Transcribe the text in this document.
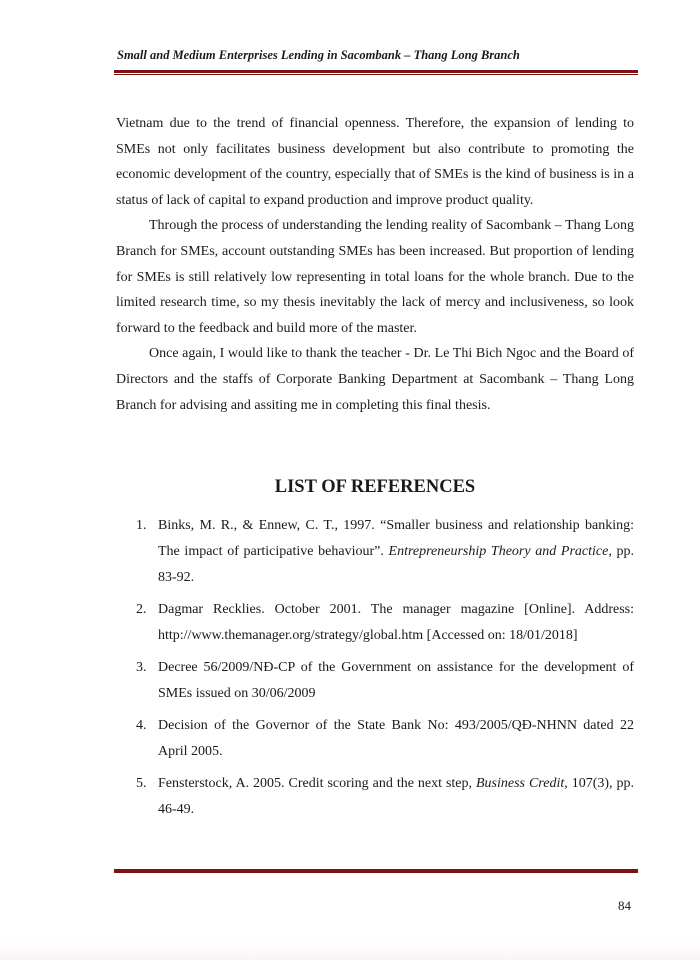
Small and Medium Enterprises Lending in Sacombank – Thang Long Branch

Vietnam due to the trend of financial openness. Therefore, the expansion of lending to SMEs not only facilitates business development but also contribute to promoting the economic development of the country, especially that of SMEs is the kind of business is in a status of lack of capital to expand production and improve product quality.

Through the process of understanding the lending reality of Sacombank – Thang Long Branch for SMEs, account outstanding SMEs has been increased. But proportion of lending for SMEs is still relatively low representing in total loans for the whole branch. Due to the limited research time, so my thesis inevitably the lack of mercy and inclusiveness, so look forward to the feedback and build more of the master.

Once again, I would like to thank the teacher - Dr. Le Thi Bich Ngoc and the Board of Directors and the staffs of Corporate Banking Department at Sacombank – Thang Long Branch for advising and assiting me in completing this final thesis.

LIST OF REFERENCES
1. Binks, M. R., & Ennew, C. T., 1997. “Smaller business and relationship banking: The impact of participative behaviour”. Entrepreneurship Theory and Practice, pp. 83-92.
2. Dagmar Recklies. October 2001. The manager magazine [Online]. Address: http://www.themanager.org/strategy/global.htm [Accessed on: 18/01/2018]
3. Decree 56/2009/NĐ-CP of the Government on assistance for the development of SMEs issued on 30/06/2009
4. Decision of the Governor of the State Bank No: 493/2005/QĐ-NHNN dated 22 April 2005.
5. Fensterstock, A. 2005. Credit scoring and the next step, Business Credit, 107(3), pp. 46-49.
84
